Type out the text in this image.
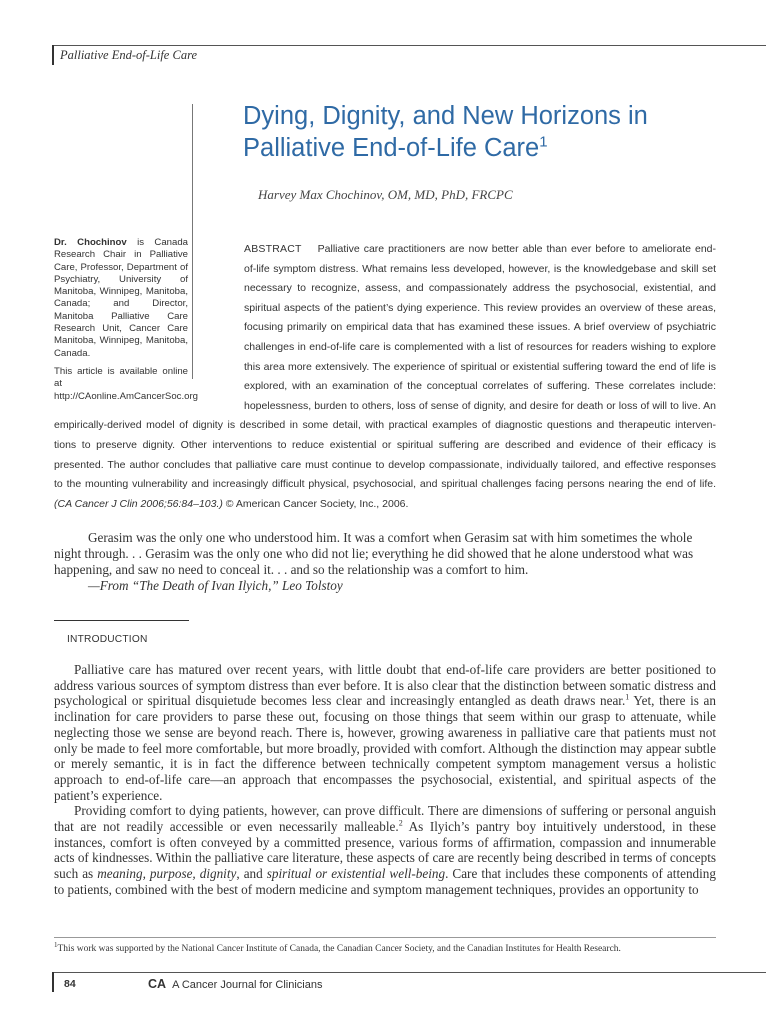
Palliative End-of-Life Care
Dying, Dignity, and New Horizons in
Palliative End-of-Life Care$^1$
Harvey Max Chochinov, OM, MD, PhD, FRCPC

Dr. Chochinov is Canada Research Chair in Palliative Care, Professor, Department of Psychiatry, University of Manitoba, Winnipeg, Manitoba, Canada; and Director, Manitoba Palliative Care Research Unit, Cancer Care Manitoba, Winnipeg, Manitoba, Canada.

This article is available online at http://CAonline.AmCancerSoc.org

ABSTRACT Palliative care practitioners are now better able than ever before to ameliorate end-
of-life symptom distress. What remains less developed, however, is the knowledgebase and skill set
necessary to recognize, assess, and compassionately address the psychosocial, existential, and
spiritual aspects of the patient’s dying experience. This review provides an overview of these areas,
focusing primarily on empirical data that has examined these issues. A brief overview of psychiatric
challenges in end-of-life care is complemented with a list of resources for readers wishing to explore
this area more extensively. The experience of spiritual or existential suffering toward the end of life is
explored, with an examination of the conceptual correlates of suffering. These correlates include:
hopelessness, burden to others, loss of sense of dignity, and desire for death or loss of will to live. An
empirically-derived model of dignity is described in some detail, with practical examples of diagnostic questions and therapeutic interven-
tions to preserve dignity. Other interventions to reduce existential or spiritual suffering are described and evidence of their efficacy is
presented. The author concludes that palliative care must continue to develop compassionate, individually tailored, and effective responses
to the mounting vulnerability and increasingly difficult physical, psychosocial, and spiritual challenges facing persons nearing the end of life.
(CA Cancer J Clin 2006;56:84–103.) © American Cancer Society, Inc., 2006.

Gerasim was the only one who understood him. It was a comfort when Gerasim sat with him sometimes the whole night through. . . Gerasim was the only one who did not lie; everything he did showed that he alone understood what was happening, and saw no need to conceal it. . . and so the relationship was a comfort to him.

—From “The Death of Ivan Ilyich,” Leo Tolstoy

INTRODUCTION

Palliative care has matured over recent years, with little doubt that end-of-life care providers are better positioned to address various sources of symptom distress than ever before. It is also clear that the distinction between somatic distress and psychological or spiritual disquietude becomes less clear and increasingly entangled as death draws near.$^1$ Yet, there is an inclination for care providers to parse these out, focusing on those things that seem within our grasp to attenuate, while neglecting those we sense are beyond reach. There is, however, growing awareness in palliative care that patients must not only be made to feel more comfortable, but more broadly, provided with comfort. Although the distinction may appear subtle or merely semantic, it is in fact the difference between technically competent symptom management versus a holistic approach to end-of-life care—an approach that encompasses the psychosocial, existential, and spiritual aspects of the patient’s experience.

Providing comfort to dying patients, however, can prove difficult. There are dimensions of suffering or personal anguish that are not readily accessible or even necessarily malleable.$^2$ As Ilyich’s pantry boy intuitively understood, in these instances, comfort is often conveyed by a committed presence, various forms of affirmation, compassion and innumerable acts of kindnesses. Within the palliative care literature, these aspects of care are recently being described in terms of concepts such as meaning, purpose, dignity, and spiritual or existential well-being. Care that includes these components of attending to patients, combined with the best of modern medicine and symptom management techniques, provides an opportunity to

$^1$This work was supported by the National Cancer Institute of Canada, the Canadian Cancer Society, and the Canadian Institutes for Health Research.
84	CA A Cancer Journal for Clinicians
